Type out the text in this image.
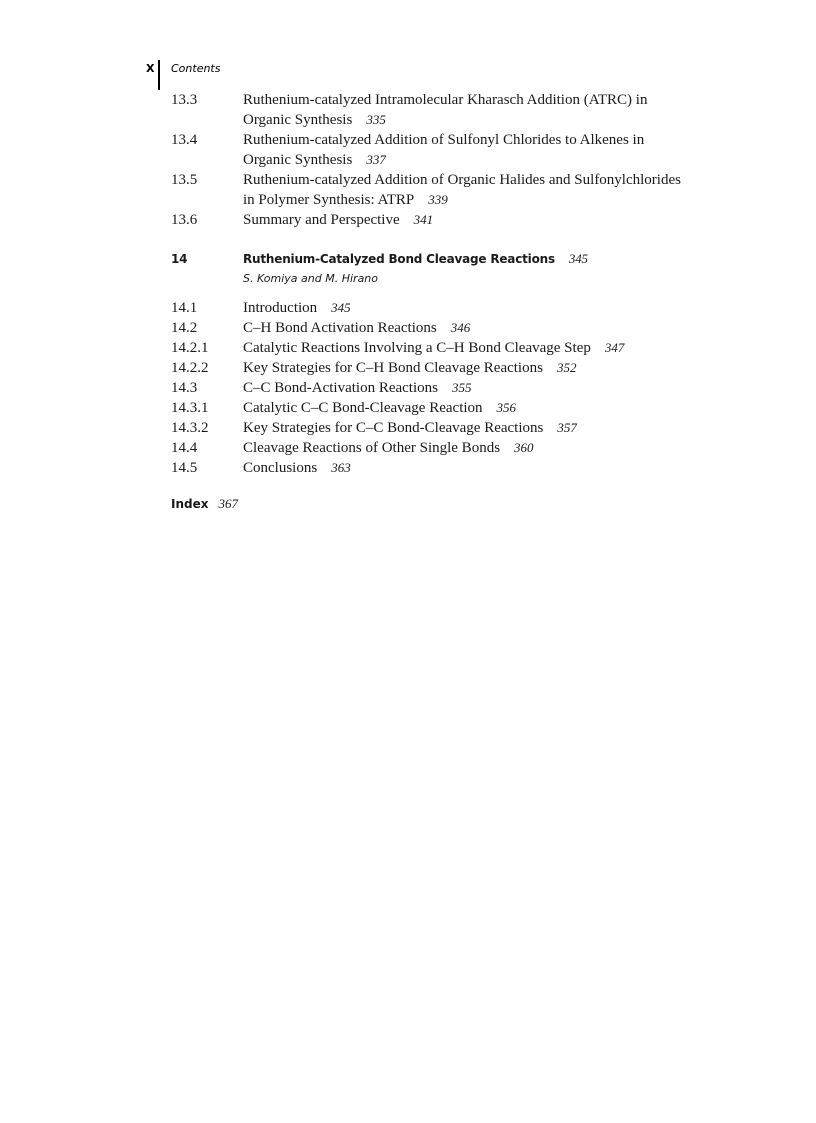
X Contents
13.3	Ruthenium-catalyzed Intramolecular Kharasch Addition (ATRC) in
Organic Synthesis 335
13.4	Ruthenium-catalyzed Addition of Sulfonyl Chlorides to Alkenes in
Organic Synthesis 337
13.5	Ruthenium-catalyzed Addition of Organic Halides and Sulfonylchlorides
in Polymer Synthesis: ATRP 339
13.6	Summary and Perspective 341
14	Ruthenium-Catalyzed Bond Cleavage Reactions 345
S. Komiya and M. Hirano
14.1	Introduction 345
14.2	C–H Bond Activation Reactions 346
14.2.1	Catalytic Reactions Involving a C–H Bond Cleavage Step 347
14.2.2	Key Strategies for C–H Bond Cleavage Reactions 352
14.3	C–C Bond-Activation Reactions 355
14.3.1	Catalytic C–C Bond-Cleavage Reaction 356
14.3.2	Key Strategies for C–C Bond-Cleavage Reactions 357
14.4	Cleavage Reactions of Other Single Bonds 360
14.5	Conclusions 363
Index 367
